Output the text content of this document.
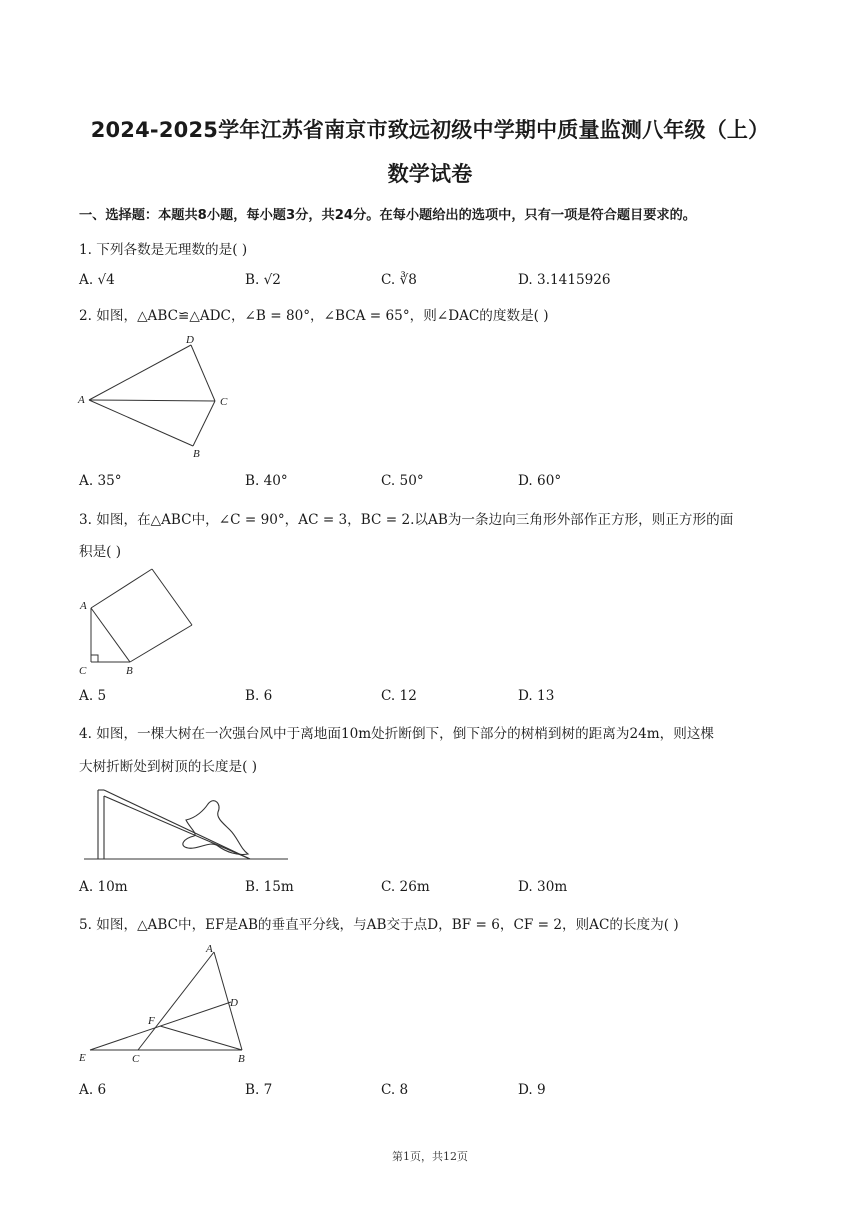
2024-2025学年江苏省南京市致远初级中学期中质量监测八年级（上）
数学试卷
一、选择题：本题共8小题，每小题3分，共24分。在每小题给出的选项中，只有一项是符合题目要求的。
1. 下列各数是无理数的是( )
A. √4	B. √2	C. ∛8	D. 3.1415926
2. 如图，△ABC≌△ADC，∠B = 80°，∠BCA = 65°，则∠DAC的度数是( )
D
A	C
B
A. 35°	B. 40°	C. 50°	D. 60°
3. 如图，在△ABC中，∠C = 90°，AC = 3，BC = 2.以AB为一条边向三角形外部作正方形，则正方形的面
积是( )
A
C	B
A. 5	B. 6	C. 12	D. 13
4. 如图，一棵大树在一次强台风中于离地面10m处折断倒下，倒下部分的树梢到树的距离为24m，则这棵
大树折断处到树顶的长度是( )
A. 10m	B. 15m	C. 26m	D. 30m
5. 如图，△ABC中，EF是AB的垂直平分线，与AB交于点D，BF = 6，CF = 2，则AC的长度为( )
A
D
F
E	C	B
A. 6	B. 7	C. 8	D. 9
第1页，共12页
